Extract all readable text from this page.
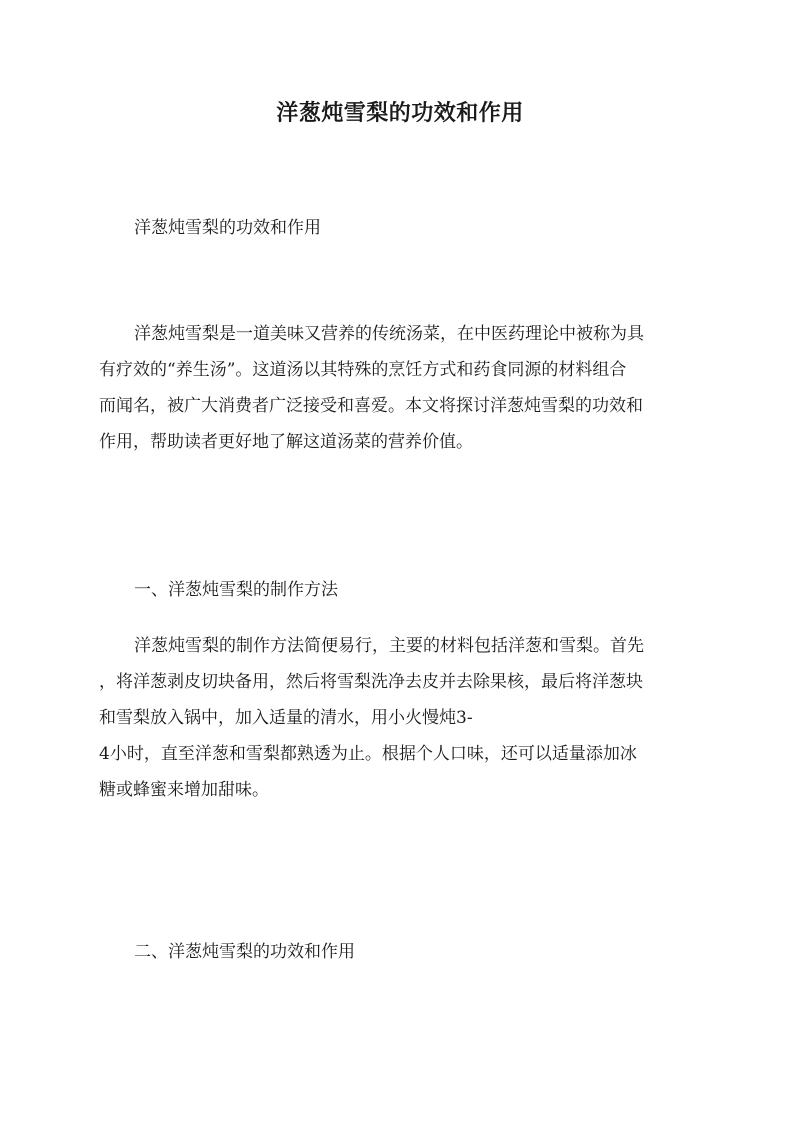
洋葱炖雪梨的功效和作用
洋葱炖雪梨的功效和作用
洋葱炖雪梨是一道美味又营养的传统汤菜，在中医药理论中被称为具
有疗效的“养生汤”。这道汤以其特殊的烹饪方式和药食同源的材料组合
而闻名，被广大消费者广泛接受和喜爱。本文将探讨洋葱炖雪梨的功效和
作用，帮助读者更好地了解这道汤菜的营养价值。
一、洋葱炖雪梨的制作方法
洋葱炖雪梨的制作方法简便易行，主要的材料包括洋葱和雪梨。首先
，将洋葱剥皮切块备用，然后将雪梨洗净去皮并去除果核，最后将洋葱块
和雪梨放入锅中，加入适量的清水，用小火慢炖3-
4小时，直至洋葱和雪梨都熟透为止。根据个人口味，还可以适量添加冰
糖或蜂蜜来增加甜味。
二、洋葱炖雪梨的功效和作用
